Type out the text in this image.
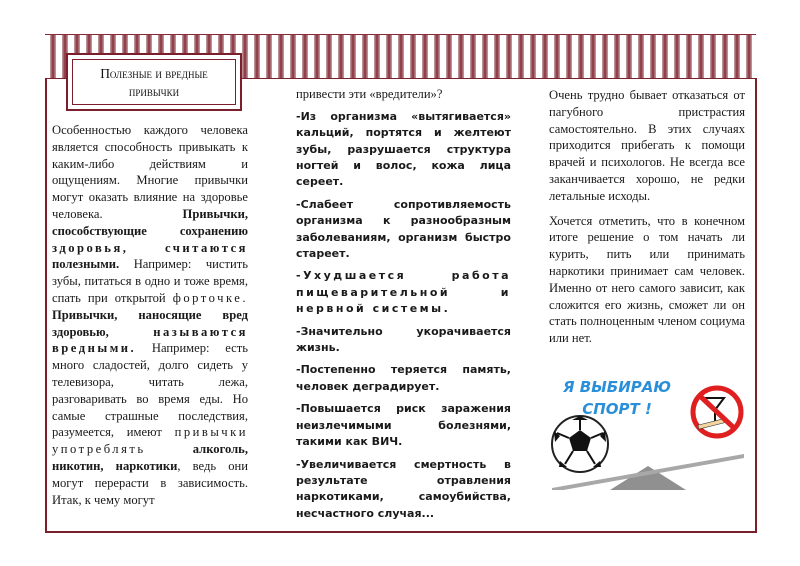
Полезные и вредные привычки

Особенностью каждого человека является способность привыкать к каким-либо действиям и ощущениям. Многие привычки могут оказать влияние на здоровье человека. Привычки, способствующие сохранению здоровья, считаются полезными. Например: чистить зубы, питаться в одно и тоже время, спать при открытой форточке. Привычки, наносящие вред здоровью, называются вредными. Например: есть много сладостей, долго сидеть у телевизора, читать лежа, разговаривать во время еды. Но самые страшные последствия, разумеется, имеют привычки употреблять	алкоголь, никотин, наркотики, ведь они могут перерасти в зависимость. Итак, к чему могут

привести эти «вредители»?

-Из организма «вытягивается» кальций, портятся и желтеют зубы, разрушается структура ногтей и волос, кожа лица сереет.

-Слабеет сопротивляемость организма к разнообразным заболеваниям, организм быстро стареет.

-Ухудшается работа пищеварительной и нервной системы.

-Значительно укорачивается жизнь.

-Постепенно теряется память, человек деградирует.

-Повышается риск заражения неизлечимыми болезнями, такими как ВИЧ.

-Увеличивается смертность в результате отравления наркотиками, самоубийства, несчастного случая...

Очень трудно бывает отказаться от пагубного пристрастия самостоятельно. В этих случаях приходится прибегать к помощи врачей и психологов. Не всегда все заканчивается хорошо, не редки летальные исходы.

Хочется отметить, что в конечном итоге решение о том начать ли курить, пить или принимать наркотики принимает сам человек. Именно от него самого зависит, как сложится его жизнь, сможет ли он стать полноценным членом социума или нет.

Я ВЫБИРАЮ
СПОРТ !
